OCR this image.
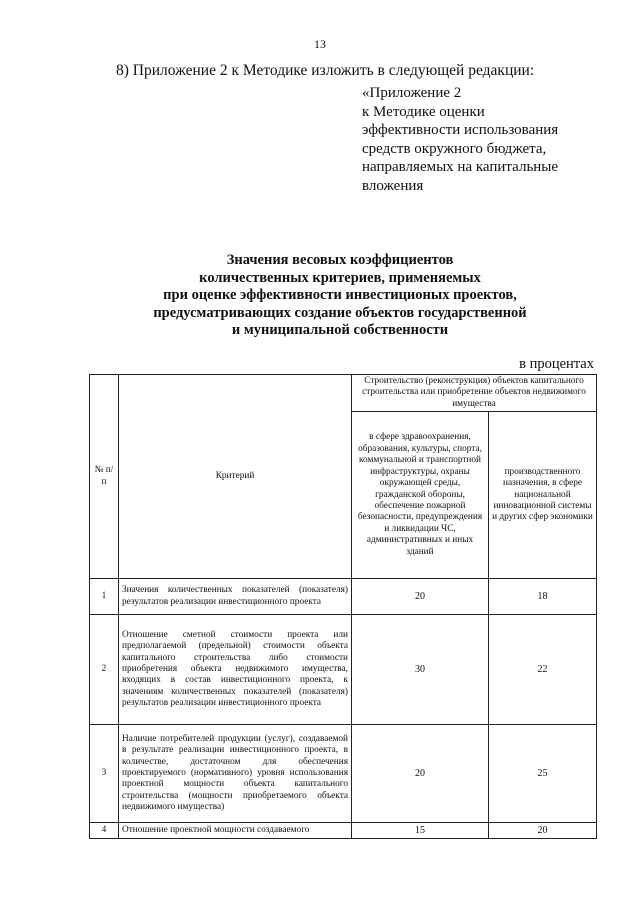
13
8) Приложение 2 к Методике изложить в следующей редакции:
«Приложение 2
к Методике оценки
эффективности использования
средств окружного бюджета,
направляемых на капитальные
вложения
Значения весовых коэффициентов
количественных критериев, применяемых
при оценке эффективности инвестиционых проектов,
предусматривающих создание объектов государственной
и муниципальной собственности
в процентах
№ п/п	Критерий	Строительство (реконструкция) объектов капитального строительства или приобретение объектов недвижимого имущества	
		в сфере здравоохранения, образования, культуры, спорта, коммунальной и транспортной инфраструктуры, охраны окружающей среды, гражданской обороны, обеспечение пожарной безопасности, предупреждения и ликвидации ЧС, административных и иных зданий	производственного назначения, в сфере национальной инновационной системы и других сфер экономики
1	Значения количественных показателей (показателя) результатов реализации инвестиционного проекта	20	18
2	Отношение сметной стоимости проекта или предполагаемой (предельной) стоимости объекта капитального строительства либо стоимости приобретения объекта недвижимого имущества, входящих в состав инвестиционного проекта, к значениям количественных показателей (показателя) результатов реализации инвестиционного проекта	30	22
3	Наличие потребителей продукции (услуг), создаваемой в результате реализации инвестиционного проекта, в количестве, достаточном для обеспечения проектируемого (нормативного) уровня использования проектной мощности объекта капитального строительства (мощности приобретаемого объекта недвижимого имущества)	20	25
4	Отношение проектной мощности создаваемого	15	20
